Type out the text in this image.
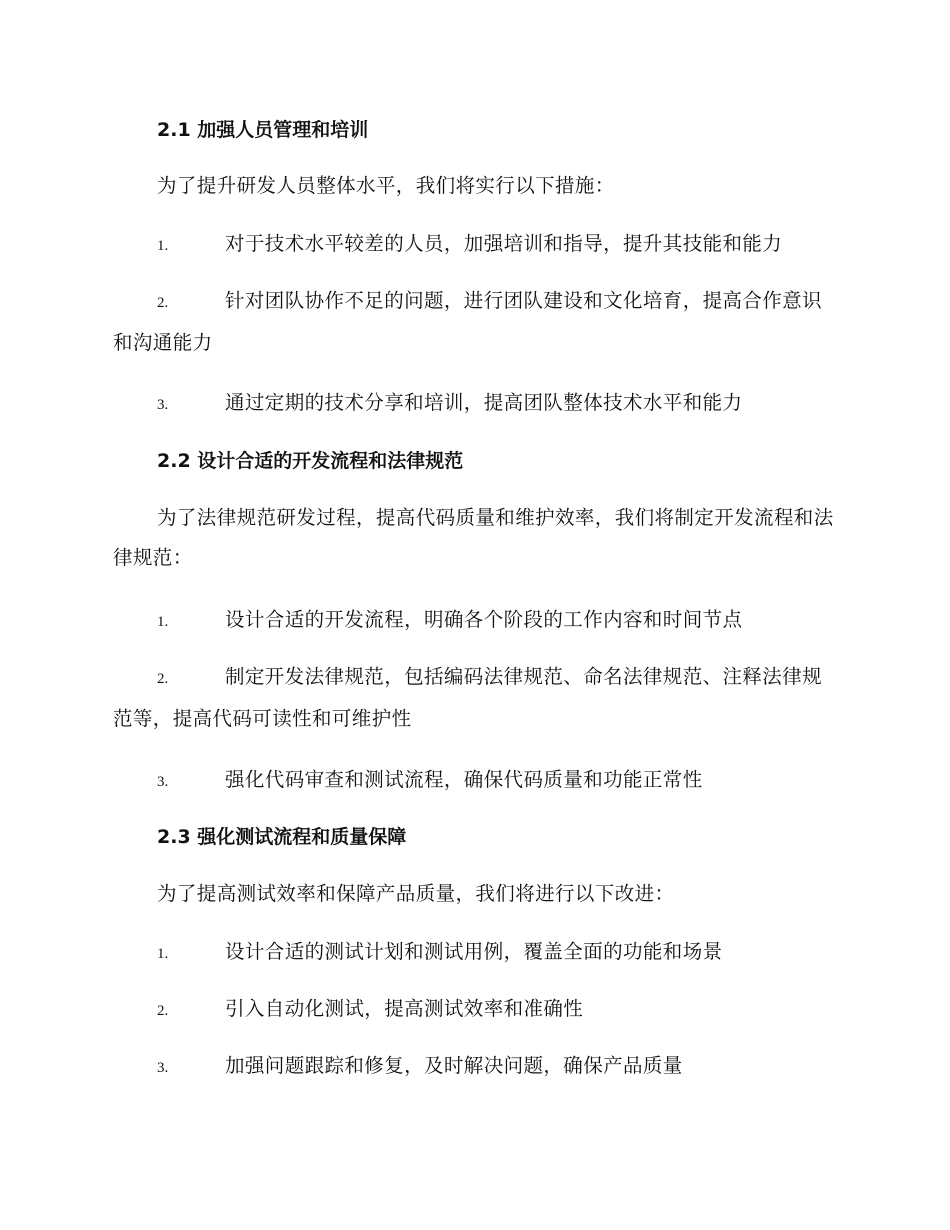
2.1 加强人员管理和培训
为了提升研发人员整体水平，我们将实行以下措施：
1.	对于技术水平较差的人员，加强培训和指导，提升其技能和能力
2.	针对团队协作不足的问题，进行团队建设和文化培育，提高合作意识和沟通能力
3.	通过定期的技术分享和培训，提高团队整体技术水平和能力
2.2 设计合适的开发流程和法律规范
为了法律规范研发过程，提高代码质量和维护效率，我们将制定开发流程和法律规范：
1.	设计合适的开发流程，明确各个阶段的工作内容和时间节点
2.	制定开发法律规范，包括编码法律规范、命名法律规范、注释法律规范等，提高代码可读性和可维护性
3.	强化代码审查和测试流程，确保代码质量和功能正常性
2.3 强化测试流程和质量保障
为了提高测试效率和保障产品质量，我们将进行以下改进：
1.	设计合适的测试计划和测试用例，覆盖全面的功能和场景
2.	引入自动化测试，提高测试效率和准确性
3.	加强问题跟踪和修复，及时解决问题，确保产品质量
